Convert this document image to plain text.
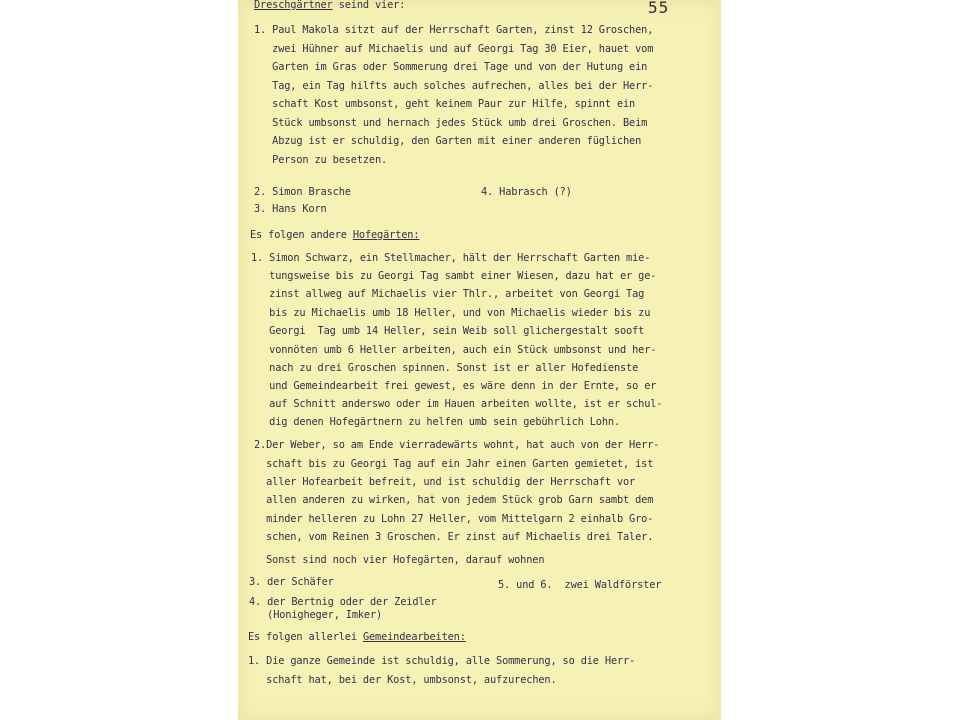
55

Dreschgärtner seind vier:

1. Paul Makola sitzt auf der Herrschaft Garten, zinst 12 Groschen,

zwei Hühner auf Michaelis und auf Georgi Tag 30 Eier, hauet vom

Garten im Gras oder Sommerung drei Tage und von der Hutung ein

Tag, ein Tag hilfts auch solches aufrechen, alles bei der Herr-

schaft Kost umbsonst, geht keinem Paur zur Hilfe, spinnt ein

Stück umbsonst und hernach jedes Stück umb drei Groschen. Beim

Abzug ist er schuldig, den Garten mit einer anderen füglichen

Person zu besetzen.

2. Simon Brasche	4. Habrasch (?)

3. Hans Korn

Es folgen andere Hofegärten:

1. Simon Schwarz, ein Stellmacher, hält der Herrschaft Garten mie-

tungsweise bis zu Georgi Tag sambt einer Wiesen, dazu hat er ge-

zinst allweg auf Michaelis vier Thlr., arbeitet von Georgi Tag

bis zu Michaelis umb 18 Heller, und von Michaelis wieder bis zu

Georgi  Tag umb 14 Heller, sein Weib soll glichergestalt sooft

vonnöten umb 6 Heller arbeiten, auch ein Stück umbsonst und her-

nach zu drei Groschen spinnen. Sonst ist er aller Hofedienste

und Gemeindearbeit frei gewest, es wäre denn in der Ernte, so er

auf Schnitt anderswo oder im Hauen arbeiten wollte, ist er schul-

dig denen Hofegärtnern zu helfen umb sein gebührlich Lohn.

2.Der Weber, so am Ende vierradewärts wohnt, hat auch von der Herr-

schaft bis zu Georgi Tag auf ein Jahr einen Garten gemietet, ist

aller Hofearbeit befreit, und ist schuldig der Herrschaft vor

allen anderen zu wirken, hat von jedem Stück grob Garn sambt dem

minder helleren zu Lohn 27 Heller, vom Mittelgarn 2 einhalb Gro-

schen, vom Reinen 3 Groschen. Er zinst auf Michaelis drei Taler.

Sonst sind noch vier Hofegärten, darauf wohnen

3. der Schäfer	5. und 6.  zwei Waldförster

4. der Bertnig oder der Zeidler

(Honigheger, Imker)

Es folgen allerlei Gemeindearbeiten:

1. Die ganze Gemeinde ist schuldig, alle Sommerung, so die Herr-

schaft hat, bei der Kost, umbsonst, aufzurechen.
